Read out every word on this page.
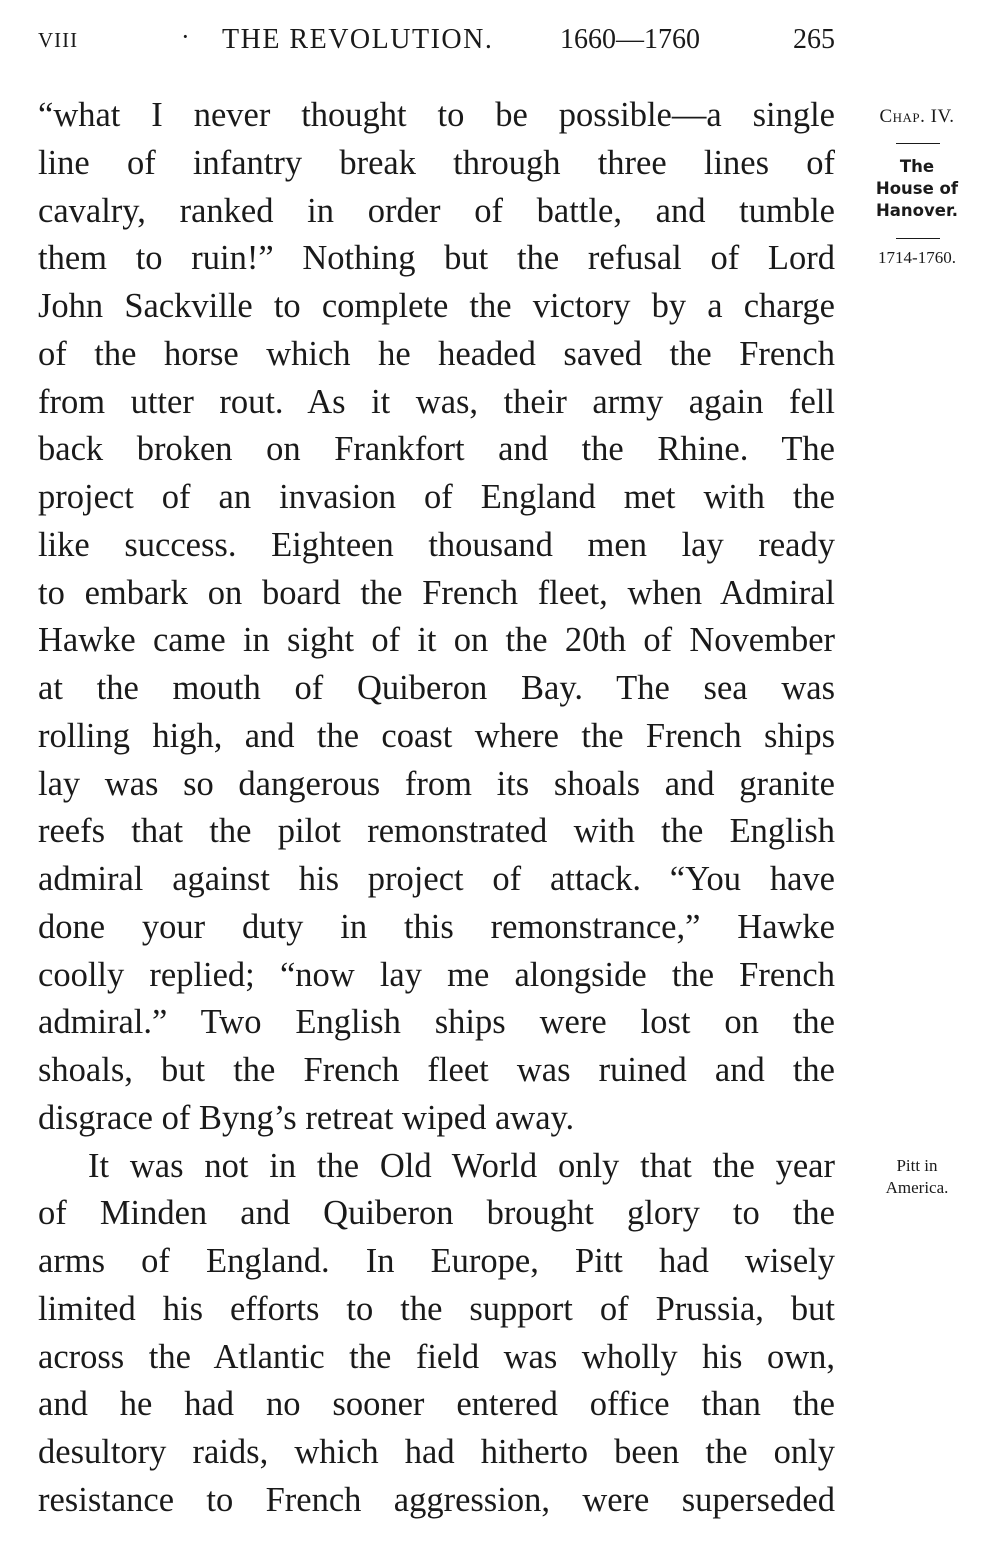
VIII	· THE REVOLUTION. 1660—1760	265
“what I never thought to be possible—a single
line of infantry break through three lines of
cavalry, ranked in order of battle, and tumble
them to ruin!” Nothing but the refusal of Lord
John Sackville to complete the victory by a charge
of the horse which he headed saved the French
from utter rout. As it was, their army again fell
back broken on Frankfort and the Rhine. The
project of an invasion of England met with the
like success. Eighteen thousand men lay ready
to embark on board the French fleet, when Admiral
Hawke came in sight of it on the 20th of November
at the mouth of Quiberon Bay. The sea was
rolling high, and the coast where the French ships
lay was so dangerous from its shoals and granite
reefs that the pilot remonstrated with the English
admiral against his project of attack. “You have
done your duty in this remonstrance,” Hawke
coolly replied; “now lay me alongside the French
admiral.” Two English ships were lost on the
shoals, but the French fleet was ruined and the
disgrace of Byng’s retreat wiped away.
It was not in the Old World only that the year
of Minden and Quiberon brought glory to the
arms of England. In Europe, Pitt had wisely
limited his efforts to the support of Prussia, but
across the Atlantic the field was wholly his own,
and he had no sooner entered office than the
desultory raids, which had hitherto been the only
resistance to French aggression, were superseded
Chap. IV.
The
House of
Hanover.
1714-1760.
Pitt in
America.
